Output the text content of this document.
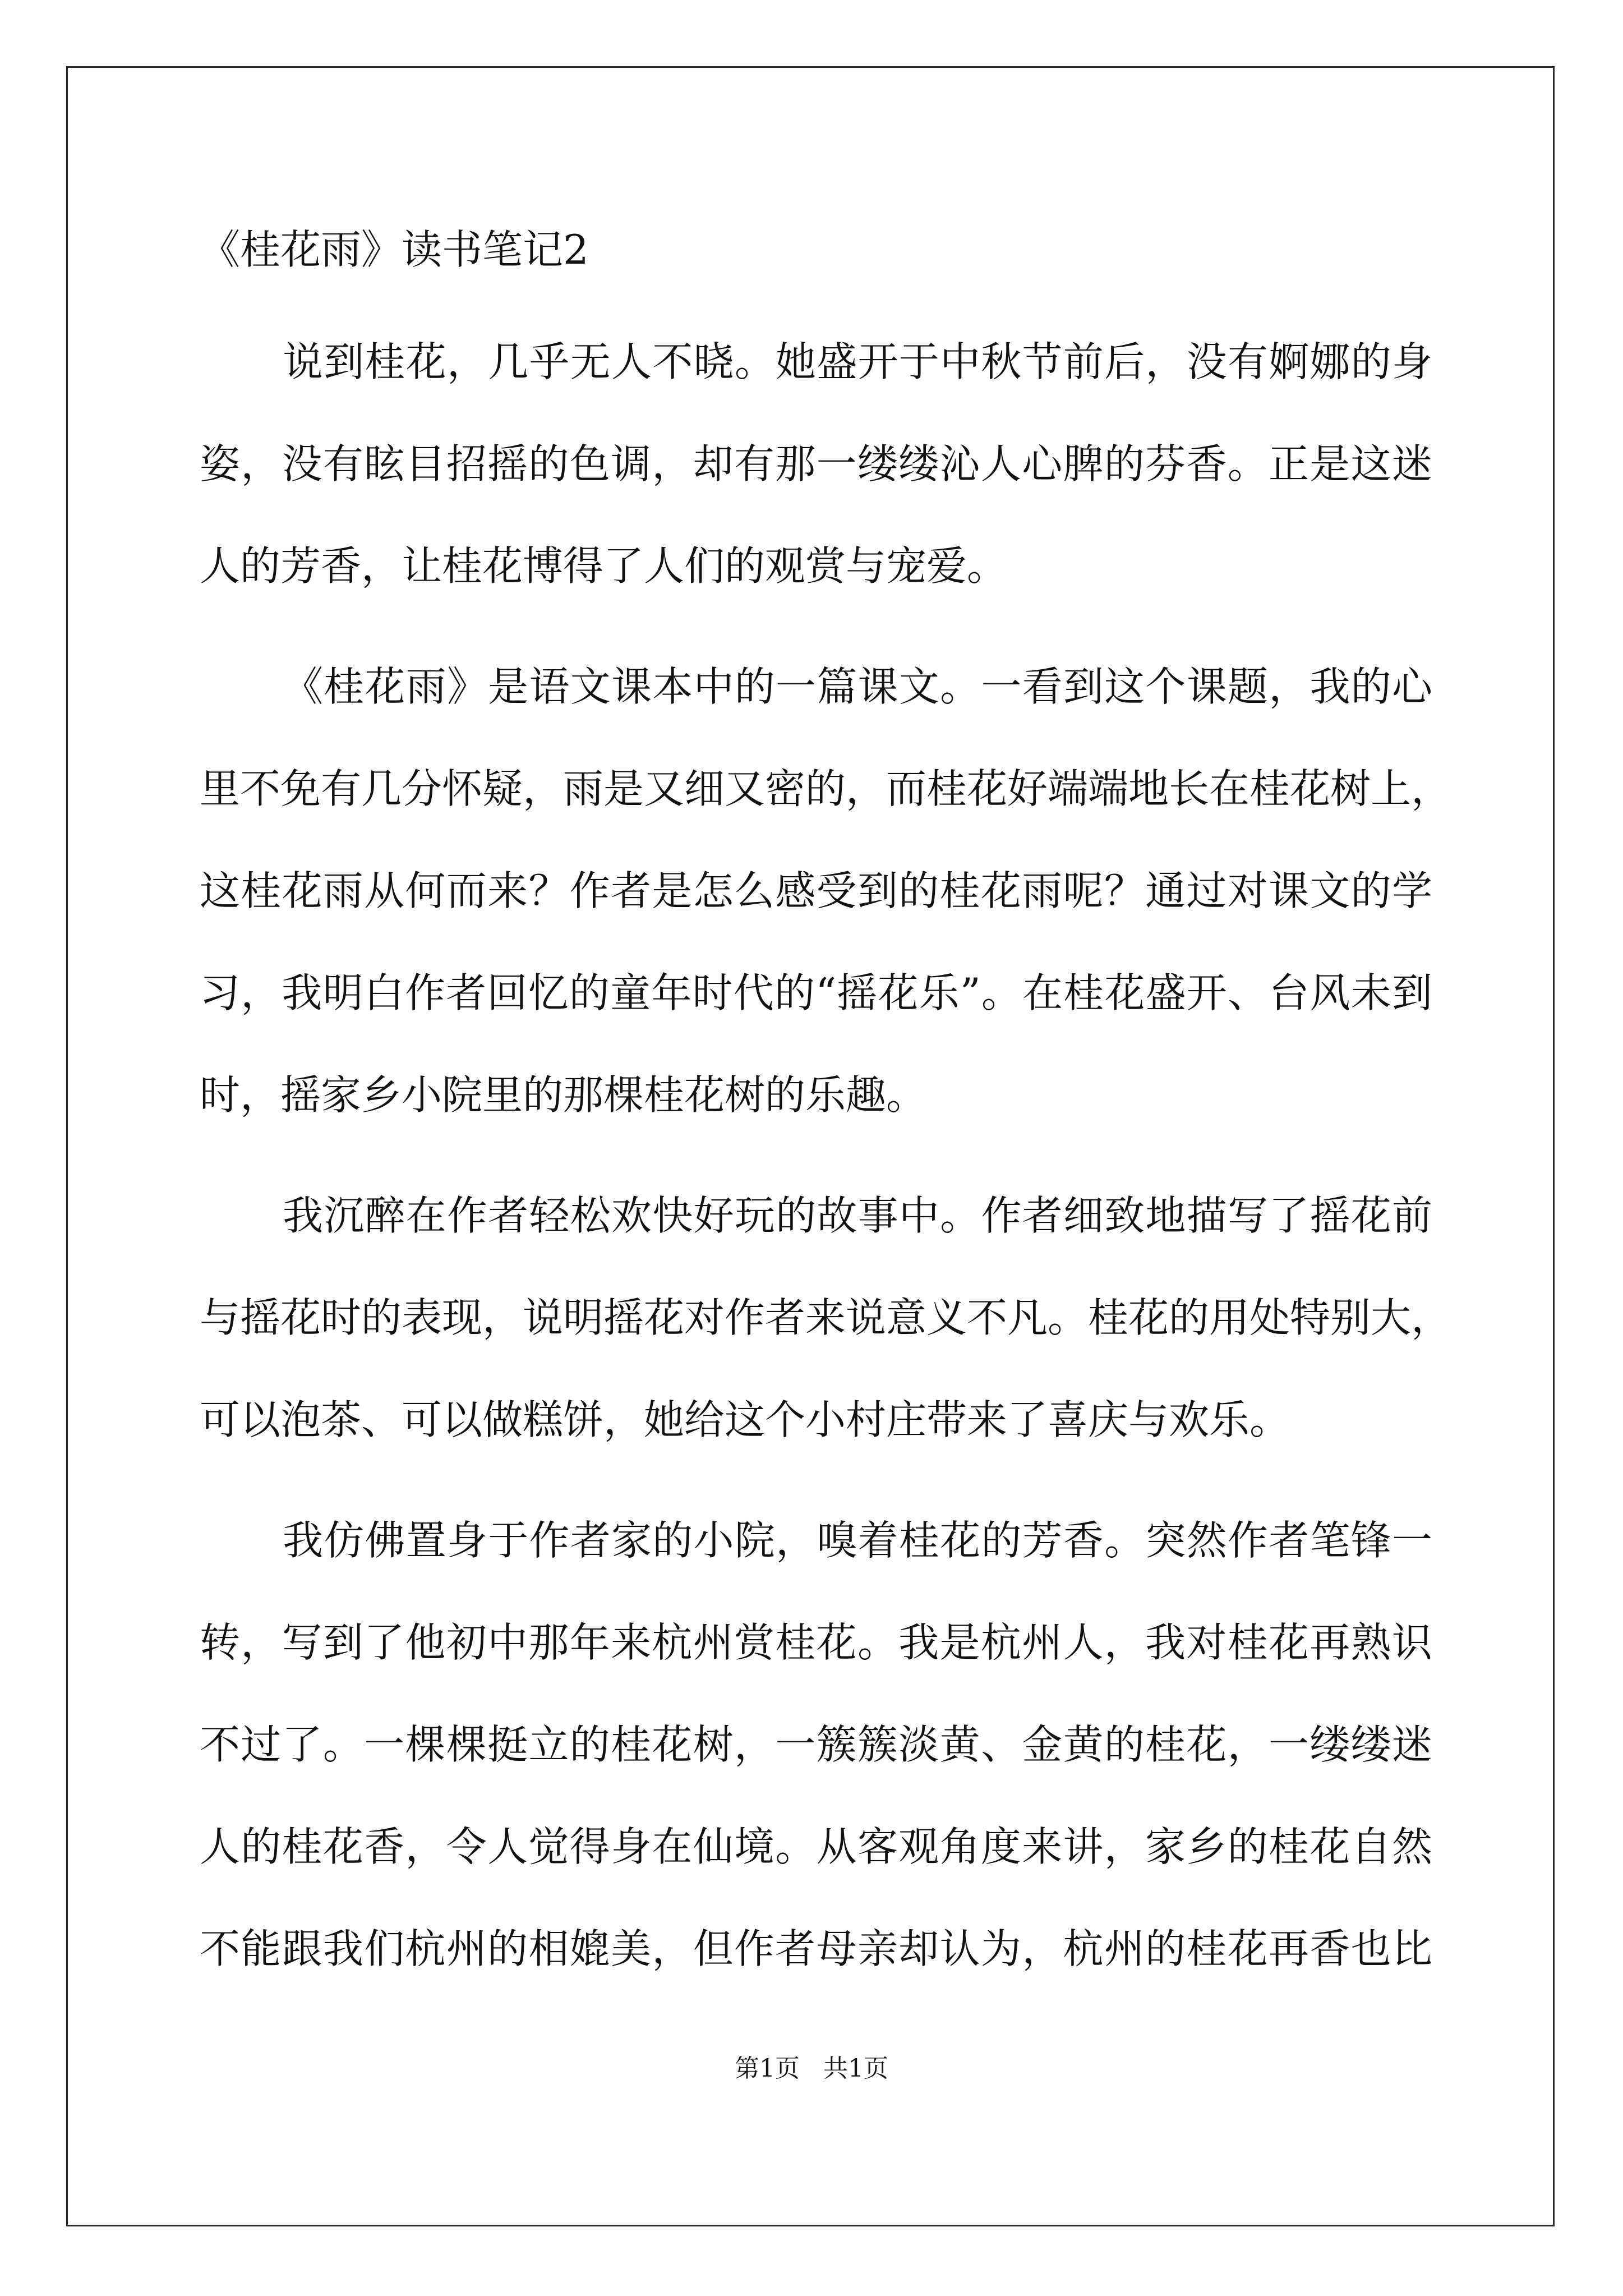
《桂花雨》读书笔记2
说到桂花，几乎无人不晓。她盛开于中秋节前后，没有婀娜的身
姿，没有眩目招摇的色调，却有那一缕缕沁人心脾的芬香。正是这迷
人的芳香，让桂花博得了人们的观赏与宠爱。
《桂花雨》是语文课本中的一篇课文。一看到这个课题，我的心
里不免有几分怀疑，雨是又细又密的，而桂花好端端地长在桂花树上，
这桂花雨从何而来？作者是怎么感受到的桂花雨呢？通过对课文的学
习，我明白作者回忆的童年时代的“摇花乐”。在桂花盛开、台风未到
时，摇家乡小院里的那棵桂花树的乐趣。
我沉醉在作者轻松欢快好玩的故事中。作者细致地描写了摇花前
与摇花时的表现，说明摇花对作者来说意义不凡。桂花的用处特别大，
可以泡茶、可以做糕饼，她给这个小村庄带来了喜庆与欢乐。
我仿佛置身于作者家的小院，嗅着桂花的芳香。突然作者笔锋一
转，写到了他初中那年来杭州赏桂花。我是杭州人，我对桂花再熟识
不过了。一棵棵挺立的桂花树，一簇簇淡黄、金黄的桂花，一缕缕迷
人的桂花香，令人觉得身在仙境。从客观角度来讲，家乡的桂花自然
不能跟我们杭州的相媲美，但作者母亲却认为，杭州的桂花再香也比
第1页   共1页
